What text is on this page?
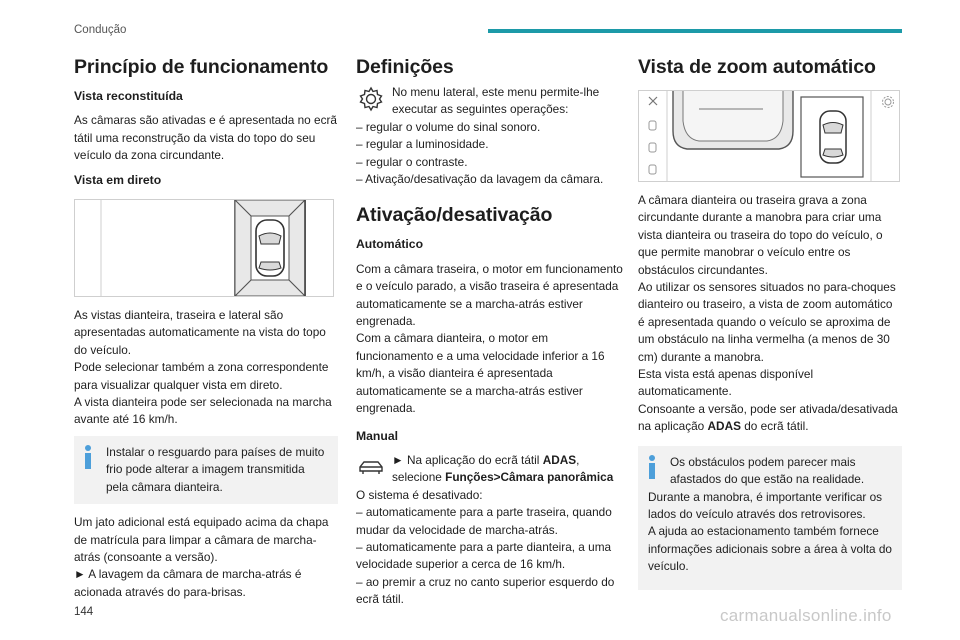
Condução
Princípio de funcionamento
Vista reconstituída

As câmaras são ativadas e é apresentada no ecrã tátil uma reconstrução da vista do topo do seu veículo da zona circundante.

Vista em direto

As vistas dianteira, traseira e lateral são apresentadas automaticamente na vista do topo do veículo.

Pode selecionar também a zona correspondente para visualizar qualquer vista em direto.

A vista dianteira pode ser selecionada na marcha avante até 16 km/h.

Instalar o resguardo para países de muito frio pode alterar a imagem transmitida pela câmara dianteira.

Um jato adicional está equipado acima da chapa de matrícula para limpar a câmara de marcha-atrás (consoante a versão).

► A lavagem da câmara de marcha-atrás é acionada através do para-brisas.

Definições
No menu lateral, este menu permite-lhe executar as seguintes operações:
– regular o volume do sinal sonoro.
– regular a luminosidade.
– regular o contraste.
– Ativação/desativação da lavagem da câmara.
Ativação/desativação
Automático

Com a câmara traseira, o motor em funcionamento e o veículo parado, a visão traseira é apresentada automaticamente se a marcha-atrás estiver engrenada.

Com a câmara dianteira, o motor em funcionamento e a uma velocidade inferior a 16 km/h, a visão dianteira é apresentada automaticamente se a marcha-atrás estiver engrenada.

Manual
► Na aplicação do ecrã tátil ADAS,
selecione Funções>Câmara panorâmica
O sistema é desativado:
– automaticamente para a parte traseira, quando mudar da velocidade de marcha-atrás.
– automaticamente para a parte dianteira, a uma velocidade superior a cerca de 16 km/h.
– ao premir a cruz no canto superior esquerdo do ecrã tátil.
Vista de zoom automático

A câmara dianteira ou traseira grava a zona circundante durante a manobra para criar uma vista dianteira ou traseira do topo do veículo, o que permite manobrar o veículo entre os obstáculos circundantes.

Ao utilizar os sensores situados no para-choques dianteiro ou traseiro, a vista de zoom automático é apresentada quando o veículo se aproxima de um obstáculo na linha vermelha (a menos de 30 cm) durante a manobra.

Esta vista está apenas disponível automaticamente.

Consoante a versão, pode ser ativada/desativada na aplicação ADAS do ecrã tátil.

Os obstáculos podem parecer mais afastados do que estão na realidade.
Durante a manobra, é importante verificar os lados do veículo através dos retrovisores.
A ajuda ao estacionamento também fornece informações adicionais sobre a área à volta do veículo.
144	carmanualsonline.info
